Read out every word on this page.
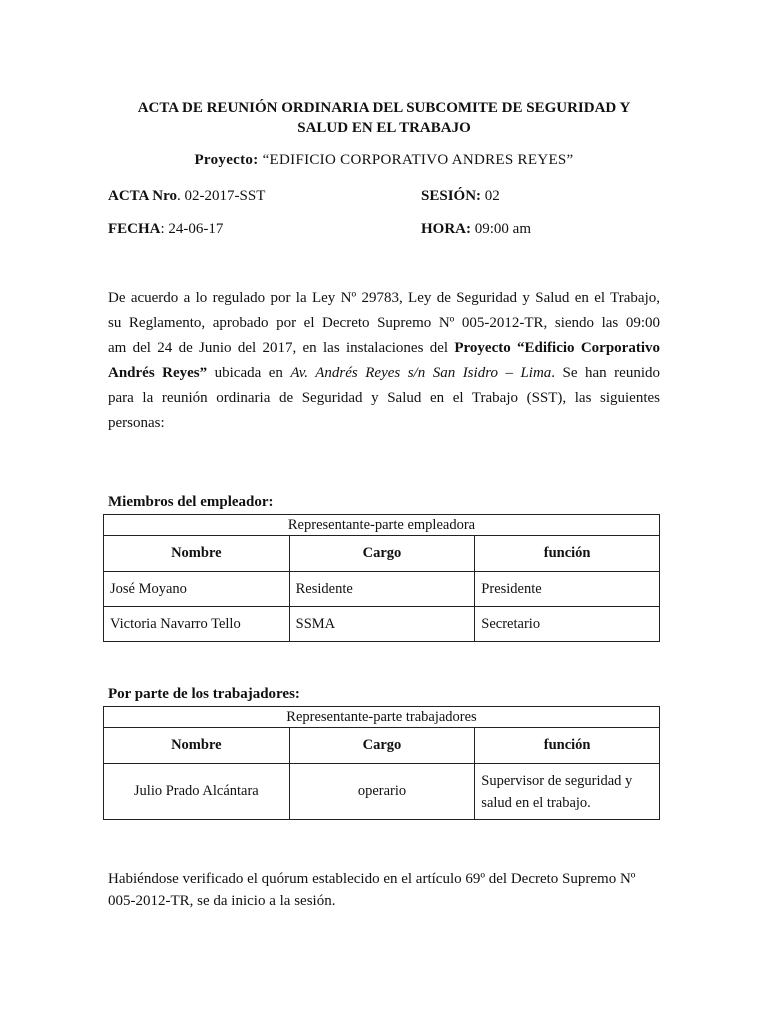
ACTA DE REUNIÓN ORDINARIA DEL SUBCOMITE DE SEGURIDAD Y
SALUD EN EL TRABAJO
Proyecto: “EDIFICIO CORPORATIVO ANDRES REYES”
ACTA Nro. 02-2017-SST	SESIÓN: 02
FECHA: 24-06-17	HORA: 09:00 am
De acuerdo a lo regulado por la Ley Nº 29783, Ley de Seguridad y Salud en el Trabajo,
su Reglamento, aprobado por el Decreto Supremo Nº 005-2012-TR, siendo las 09:00
am del 24 de Junio del 2017, en las instalaciones del Proyecto “Edificio Corporativo
Andrés Reyes” ubicada en Av. Andrés Reyes s/n San Isidro – Lima. Se han reunido
para la reunión ordinaria de Seguridad y Salud en el Trabajo (SST), las siguientes
personas:
Miembros del empleador:
Representante-parte empleadora		
Nombre	Cargo	función
José Moyano	Residente	Presidente
Victoria Navarro Tello	SSMA	Secretario
Por parte de los trabajadores:
Representante-parte trabajadores		
Nombre	Cargo	función
Julio Prado Alcántara	operario	Supervisor de seguridad y salud en el trabajo.
Habiéndose verificado el quórum establecido en el artículo 69º del Decreto Supremo Nº
005-2012-TR, se da inicio a la sesión.
